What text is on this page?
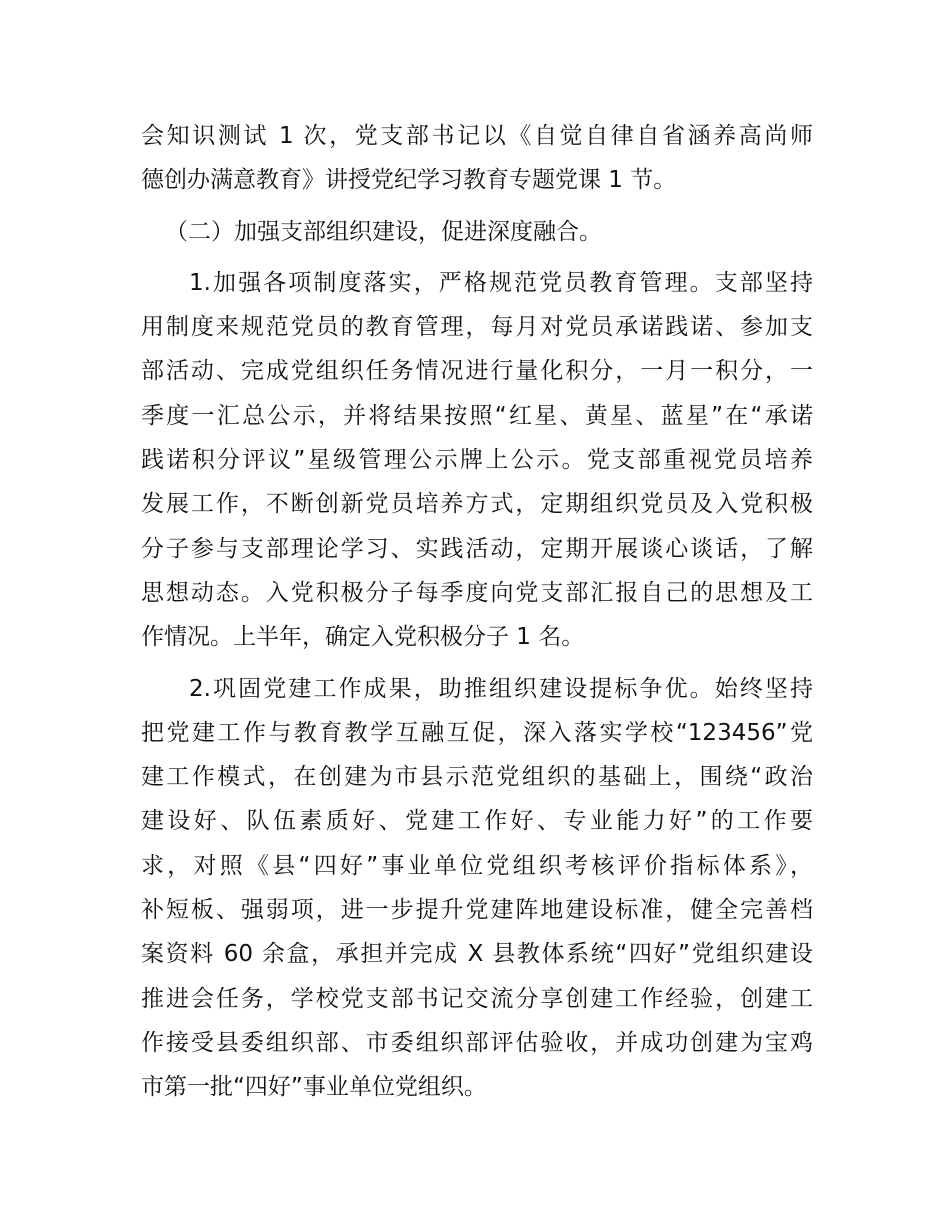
会知识测试 1 次，党支部书记以《自觉自律自省涵养高尚师
德创办满意教育》讲授党纪学习教育专题党课 1 节。
（二）加强支部组织建设，促进深度融合。
1.加强各项制度落实，严格规范党员教育管理。支部坚持
用制度来规范党员的教育管理，每月对党员承诺践诺、参加支
部活动、完成党组织任务情况进行量化积分，一月一积分，一
季度一汇总公示，并将结果按照“红星、黄星、蓝星”在“承诺
践诺积分评议”星级管理公示牌上公示。党支部重视党员培养
发展工作，不断创新党员培养方式，定期组织党员及入党积极
分子参与支部理论学习、实践活动，定期开展谈心谈话，了解
思想动态。入党积极分子每季度向党支部汇报自己的思想及工
作情况。上半年，确定入党积极分子 1 名。
2.巩固党建工作成果，助推组织建设提标争优。始终坚持
把党建工作与教育教学互融互促，深入落实学校“123456”党
建工作模式，在创建为市县示范党组织的基础上，围绕“政治
建设好、队伍素质好、党建工作好、专业能力好”的工作要
求，对照《县“四好”事业单位党组织考核评价指标体系》，
补短板、强弱项，进一步提升党建阵地建设标准，健全完善档
案资料 60 余盒，承担并完成 X 县教体系统“四好”党组织建设
推进会任务，学校党支部书记交流分享创建工作经验，创建工
作接受县委组织部、市委组织部评估验收，并成功创建为宝鸡
市第一批“四好”事业单位党组织。
